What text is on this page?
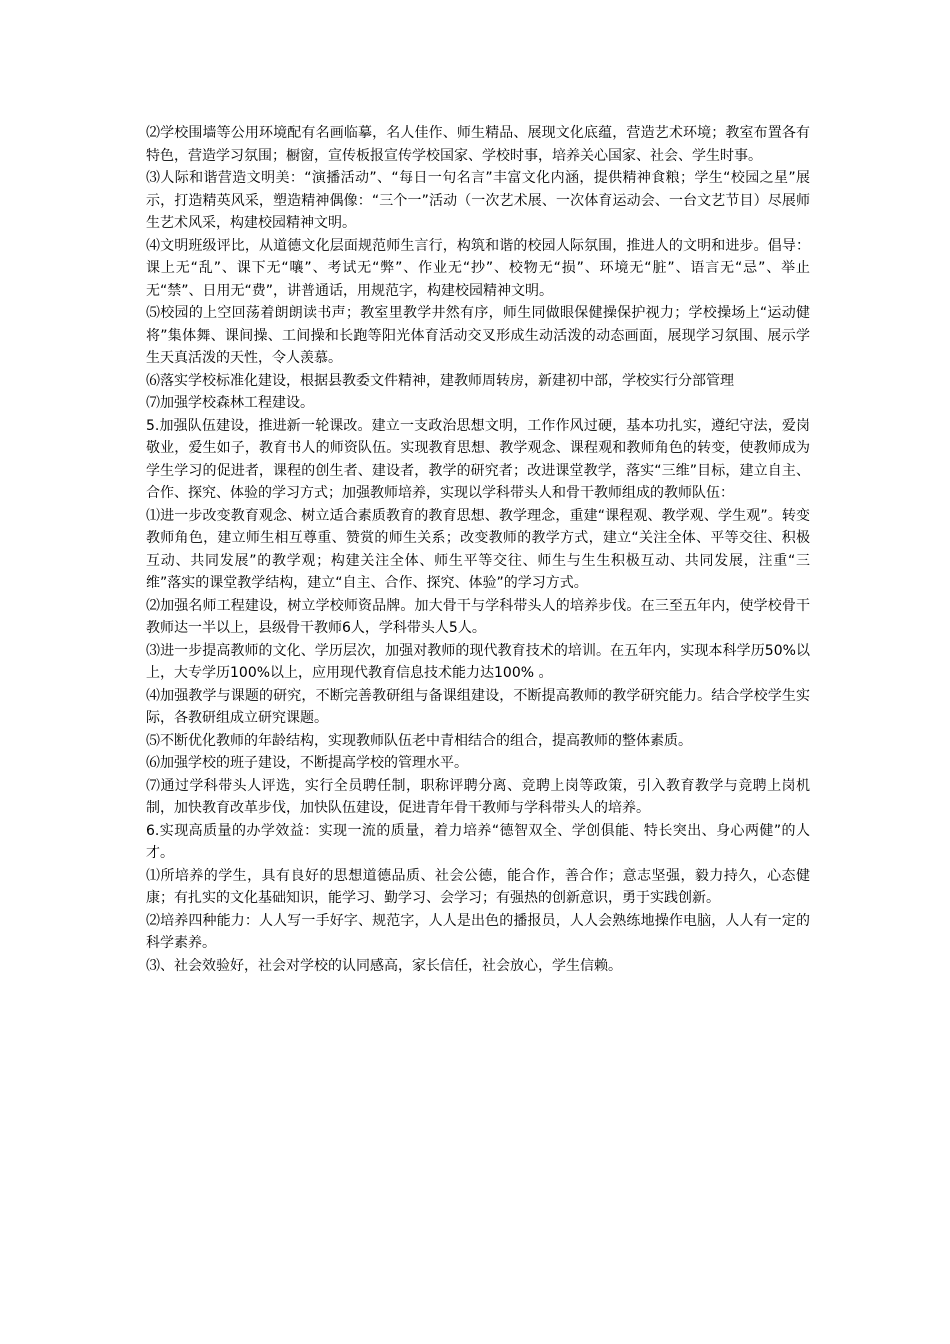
⑵学校围墙等公用环境配有名画临摹，名人佳作、师生精品、展现文化底蕴，营造艺术环境；教室布置各有特色，营造学习氛围；橱窗，宣传板报宣传学校国家、学校时事，培养关心国家、社会、学生时事。

⑶人际和谐营造文明美：“演播活动”、“每日一句名言”丰富文化内涵，提供精神食粮；学生“校园之星”展示，打造精英风采，塑造精神偶像：“三个一”活动（一次艺术展、一次体育运动会、一台文艺节目）尽展师生艺术风采，构建校园精神文明。

⑷文明班级评比，从道德文化层面规范师生言行，构筑和谐的校园人际氛围，推进人的文明和进步。倡导：课上无“乱”、课下无“嚷”、考试无“弊”、作业无“抄”、校物无“损”、环境无“脏”、语言无“忌”、举止无“禁”、日用无“费”，讲普通话，用规范字，构建校园精神文明。

⑸校园的上空回荡着朗朗读书声；教室里教学井然有序，师生同做眼保健操保护视力；学校操场上“运动健将”集体舞、课间操、工间操和长跑等阳光体育活动交叉形成生动活泼的动态画面，展现学习氛围、展示学生天真活泼的天性，令人羡慕。

⑹落实学校标准化建设，根据县教委文件精神，建教师周转房，新建初中部，学校实行分部管理

⑺加强学校森林工程建设。

5.加强队伍建设，推进新一轮课改。建立一支政治思想文明，工作作风过硬，基本功扎实，遵纪守法，爱岗敬业，爱生如子，教育书人的师资队伍。实现教育思想、教学观念、课程观和教师角色的转变，使教师成为学生学习的促进者，课程的创生者、建设者，教学的研究者；改进课堂教学，落实“三维”目标，建立自主、合作、探究、体验的学习方式；加强教师培养，实现以学科带头人和骨干教师组成的教师队伍：

⑴进一步改变教育观念、树立适合素质教育的教育思想、教学理念，重建“课程观、教学观、学生观”。转变教师角色，建立师生相互尊重、赞赏的师生关系；改变教师的教学方式，建立“关注全体、平等交往、积极互动、共同发展”的教学观；构建关注全体、师生平等交往、师生与生生积极互动、共同发展，注重“三维”落实的课堂教学结构，建立“自主、合作、探究、体验”的学习方式。

⑵加强名师工程建设，树立学校师资品牌。加大骨干与学科带头人的培养步伐。在三至五年内，使学校骨干教师达一半以上，县级骨干教师6人，学科带头人5人。

⑶进一步提高教师的文化、学历层次，加强对教师的现代教育技术的培训。在五年内，实现本科学历50%以上，大专学历100%以上，应用现代教育信息技术能力达100% 。

⑷加强教学与课题的研究，不断完善教研组与备课组建设，不断提高教师的教学研究能力。结合学校学生实际，各教研组成立研究课题。

⑸不断优化教师的年龄结构，实现教师队伍老中青相结合的组合，提高教师的整体素质。

⑹加强学校的班子建设，不断提高学校的管理水平。

⑺通过学科带头人评选，实行全员聘任制，职称评聘分离、竞聘上岗等政策，引入教育教学与竞聘上岗机制，加快教育改革步伐，加快队伍建设，促进青年骨干教师与学科带头人的培养。

6.实现高质量的办学效益：实现一流的质量，着力培养“德智双全、学创俱能、特长突出、身心两健”的人才。

⑴所培养的学生，具有良好的思想道德品质、社会公德，能合作，善合作；意志坚强，毅力持久，心态健康；有扎实的文化基础知识，能学习、勤学习、会学习；有强热的创新意识，勇于实践创新。

⑵培养四种能力：人人写一手好字、规范字，人人是出色的播报员，人人会熟练地操作电脑，人人有一定的科学素养。

⑶、社会效验好，社会对学校的认同感高，家长信任，社会放心，学生信赖。
